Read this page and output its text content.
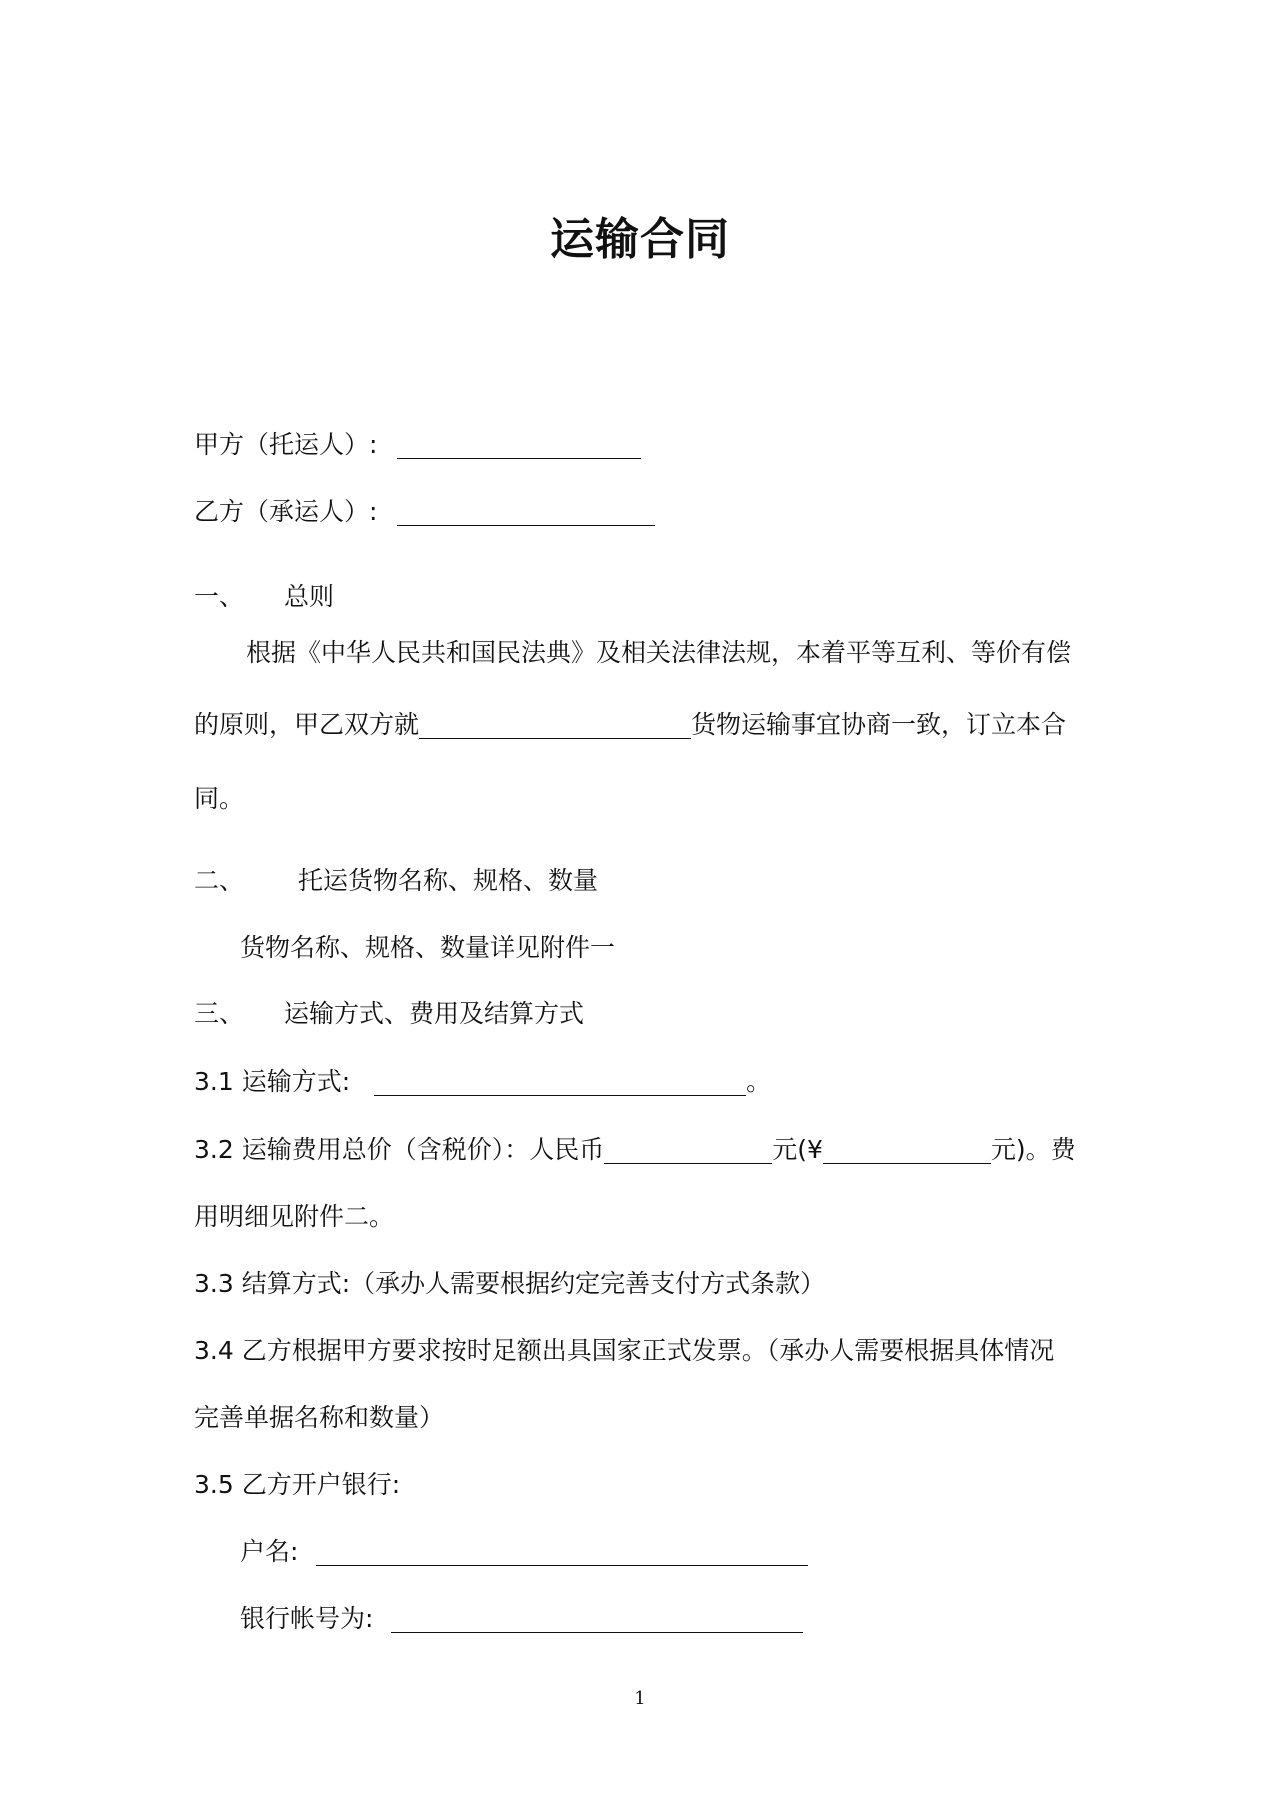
运输合同
甲方（托运人）:
乙方（承运人）:
一、 总则
根据《中华人民共和国民法典》及相关法律法规，本着平等互利、等价有偿
的原则，甲乙双方就	货物运输事宜协商一致，订立本合
同。
二、 托运货物名称、规格、数量
货物名称、规格、数量详见附件一
三、 运输方式、费用及结算方式
3.1 运输方式:	。
3.2 运输费用总价（含税价）：人民币	元(¥	元)。费
用明细见附件二。
3.3 结算方式:（承办人需要根据约定完善支付方式条款）
3.4 乙方根据甲方要求按时足额出具国家正式发票。（承办人需要根据具体情况
完善单据名称和数量）
3.5 乙方开户银行:
户名:
银行帐号为:
1
